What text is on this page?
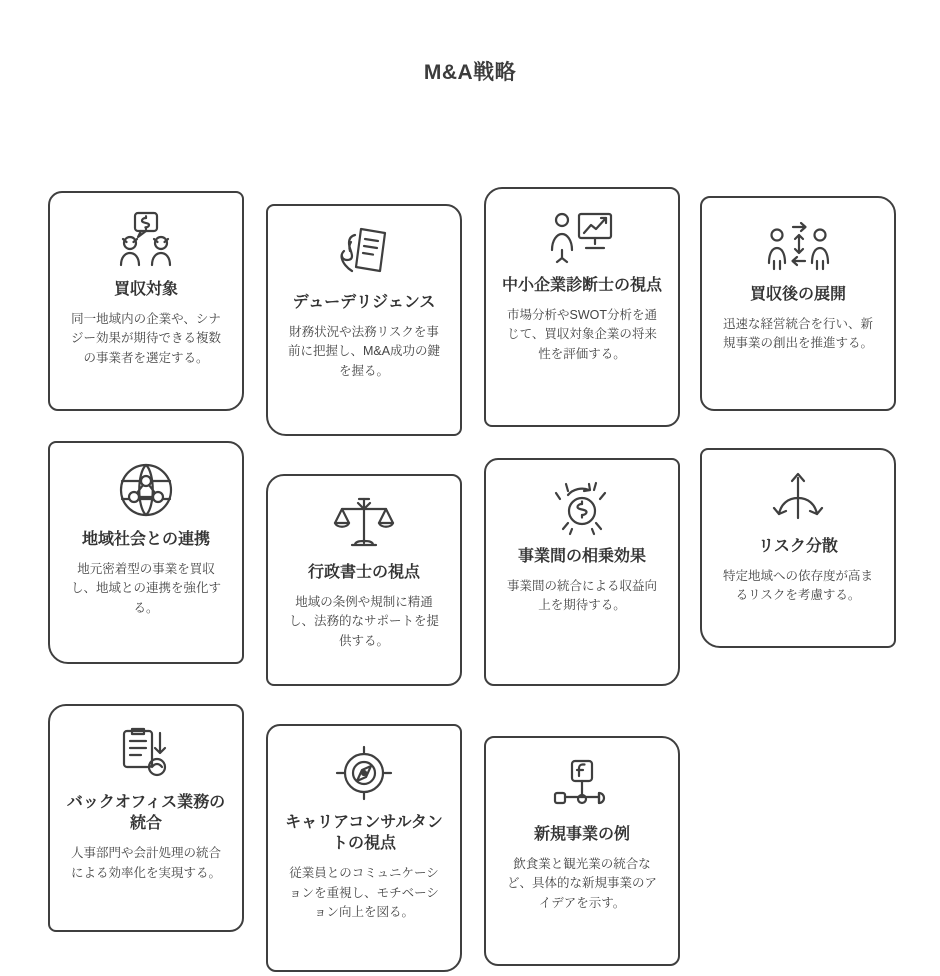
M&A戦略
買収対象
同一地域内の企業や、シナジー効果が期待できる複数の事業者を選定する。
デューデリジェンス
財務状況や法務リスクを事前に把握し、M&A成功の鍵を握る。
中小企業診断士の視点
市場分析やSWOT分析を通じて、買収対象企業の将来性を評価する。
買収後の展開
迅速な経営統合を行い、新規事業の創出を推進する。
地域社会との連携
地元密着型の事業を買収し、地域との連携を強化する。
行政書士の視点
地域の条例や規制に精通し、法務的なサポートを提供する。
事業間の相乗効果
事業間の統合による収益向上を期待する。
リスク分散
特定地域への依存度が高まるリスクを考慮する。
バックオフィス業務の統合
人事部門や会計処理の統合による効率化を実現する。
キャリアコンサルタントの視点
従業員とのコミュニケーションを重視し、モチベーション向上を図る。
新規事業の例
飲食業と観光業の統合など、具体的な新規事業のアイデアを示す。
